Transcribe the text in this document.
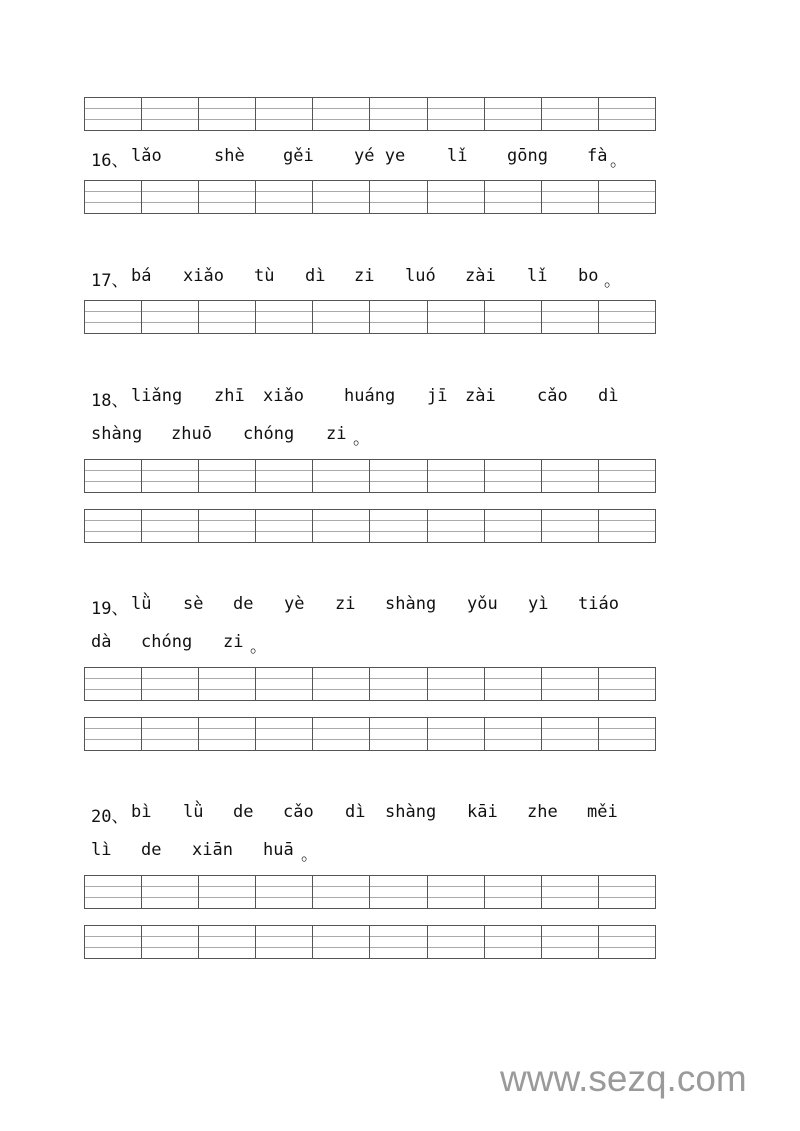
16、 lǎo	shè gěi yé ye lǐ gōng fà 。
17、 bá xiǎo tù dì zi luó zài lǐ bo 。
18、 liǎng zhī xiǎo huáng jī zài cǎo dì
shàng zhuō chóng zi 。
19、 lǜ sè de yè zi shàng yǒu yì tiáo
dà chóng zi 。
20、 bì lǜ de cǎo dì shàng kāi zhe měi
lì de xiān huā 。
www.sezq.com
